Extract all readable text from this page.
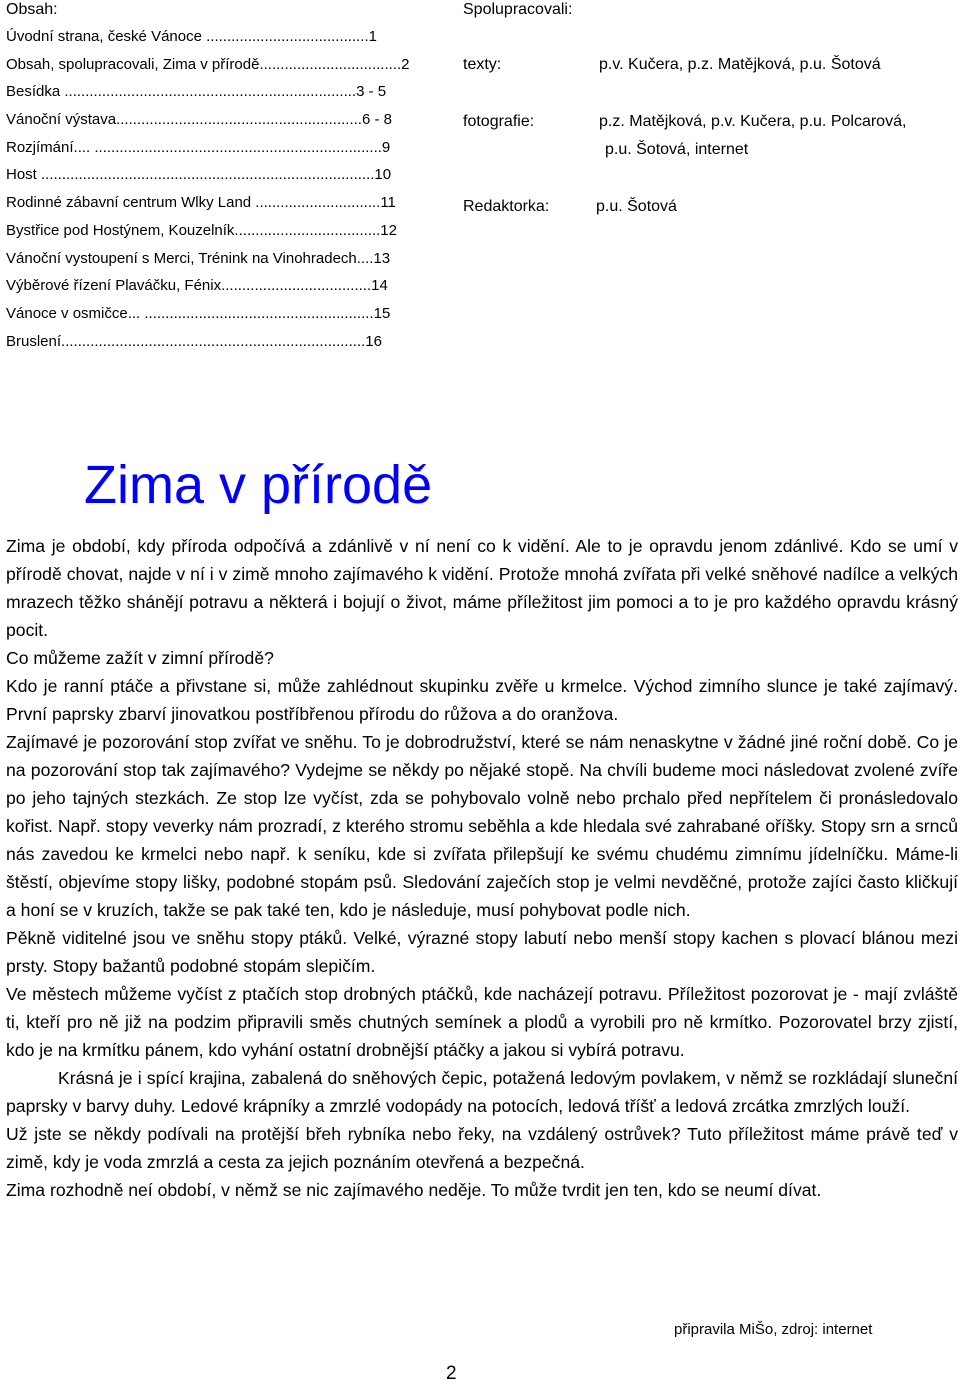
Obsah:
Úvodní strana, české Vánoce .......................................1
Obsah, spolupracovali, Zima v přírodě..................................2
Besídka ......................................................................3 - 5
Vánoční výstava...........................................................6 - 8
Rozjímání.... .....................................................................9
Host ................................................................................10
Rodinné zábavní centrum Wlky Land ..............................11
Bystřice pod Hostýnem, Kouzelník...................................12
Vánoční vystoupení s Merci, Trénink na Vinohradech....13
Výběrové řízení Plaváčku, Fénix....................................14
Vánoce v osmičce... .......................................................15
Bruslení.........................................................................16
Spolupracovali:
texty:	p.v. Kučera, p.z. Matějková, p.u. Šotová
fotografie:	p.z. Matějková, p.v. Kučera, p.u. Polcarová,
p.u. Šotová, internet
Redaktorka:	p.u. Šotová
Zima v přírodě

Zima je období, kdy příroda odpočívá a zdánlivě v ní není co k vidění. Ale to je opravdu jenom zdánlivé. Kdo se umí v přírodě chovat, najde v ní i v zimě mnoho zajímavého k vidění. Protože mnohá zvířata při velké sněhové nadílce a velkých mrazech těžko shánějí potravu a některá i bojují o život, máme příležitost jim pomoci a to je pro každého opravdu krásný pocit.

Co můžeme zažít v zimní přírodě?

Kdo je ranní ptáče a přivstane si, může zahlédnout skupinku zvěře u krmelce. Východ zimního slunce je také zajímavý. První paprsky zbarví jinovatkou postříbřenou přírodu do růžova a do oranžova.

Zajímavé je pozorování stop zvířat ve sněhu. To je dobrodružství, které se nám nenaskytne v žádné jiné roční době. Co je na pozorování stop tak zajímavého? Vydejme se někdy po nějaké stopě. Na chvíli budeme moci následovat zvolené zvíře po jeho tajných stezkách. Ze stop lze vyčíst, zda se pohybovalo volně nebo prchalo před nepřítelem či pronásledovalo kořist. Např. stopy veverky nám prozradí, z kterého stromu seběhla a kde hledala své zahrabané oříšky. Stopy srn a srnců nás zavedou ke krmelci nebo např. k seníku, kde si zvířata přilepšují ke svému chudému zimnímu jídelníčku. Máme-li štěstí, objevíme stopy lišky, podobné stopám psů. Sledování zaječích stop je velmi nevděčné, protože zajíci často kličkují a honí se v kruzích, takže se pak také ten, kdo je následuje, musí pohybovat podle nich.

Pěkně viditelné jsou ve sněhu stopy ptáků. Velké, výrazné stopy labutí nebo menší stopy kachen s plovací blánou mezi prsty. Stopy bažantů podobné stopám slepičím.

Ve městech můžeme vyčíst z ptačích stop drobných ptáčků, kde nacházejí potravu. Příležitost pozorovat je - mají zvláště ti, kteří pro ně již na podzim připravili směs chutných semínek a plodů a vyrobili pro ně krmítko. Pozorovatel brzy zjistí, kdo je na krmítku pánem, kdo vyhání ostatní drobnější ptáčky a jakou si vybírá potravu.

Krásná je i spící krajina, zabalená do sněhových čepic, potažená ledovým povlakem, v němž se rozkládají sluneční paprsky v barvy duhy. Ledové krápníky a zmrzlé vodopády na potocích, ledová tříšť a ledová zrcátka zmrzlých louží.

Už jste se někdy podívali na protější břeh rybníka nebo řeky, na vzdálený ostrůvek? Tuto příležitost máme právě teď v zimě, kdy je voda zmrzlá a cesta za jejich poznáním otevřená a bezpečná.

Zima rozhodně neí období, v němž se nic zajímavého neděje. To může tvrdit jen ten, kdo se neumí dívat.

připravila MiŠo, zdroj: internet
2
